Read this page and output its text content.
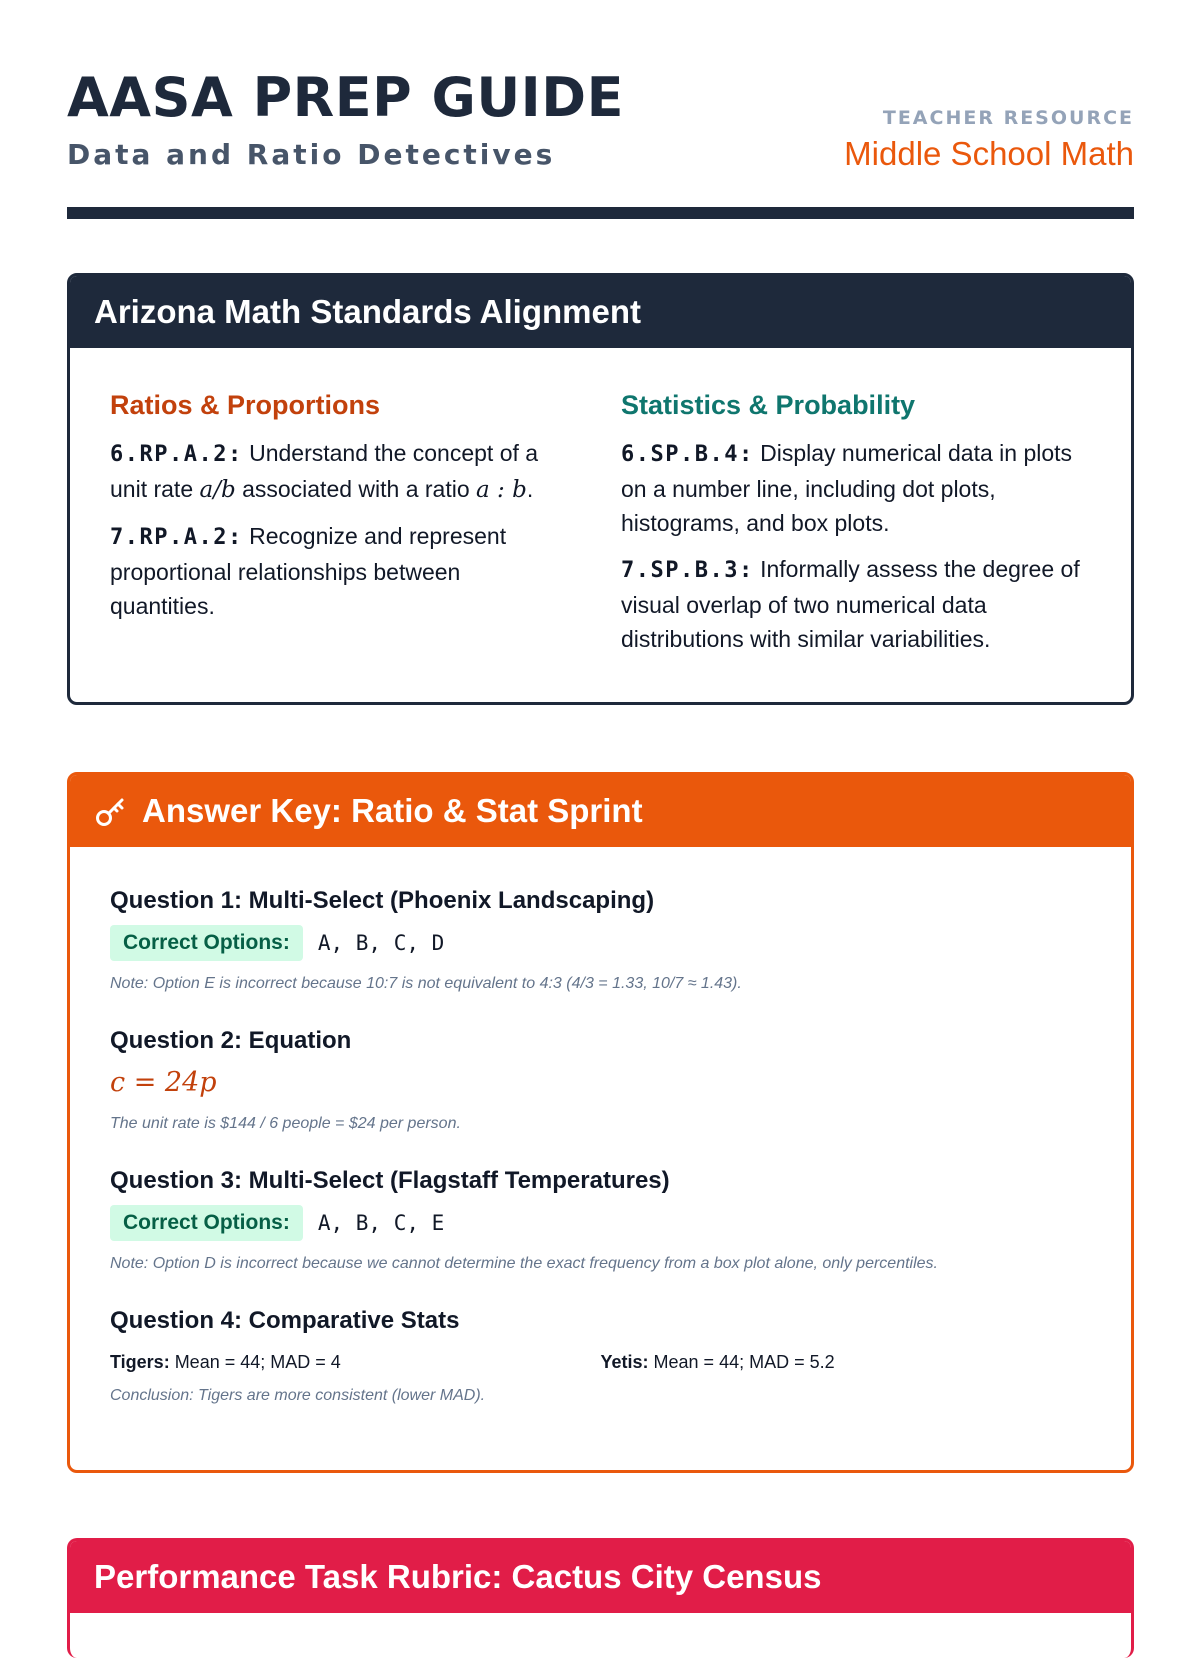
AASA PREP GUIDE
Data and Ratio Detectives
TEACHER RESOURCE
Middle School Math
Arizona Math Standards Alignment
Ratios & Proportions

6.RP.A.2: Understand the concept of a unit rate a/b associated with a ratio a : b.

7.RP.A.2: Recognize and represent proportional relationships between quantities.

Statistics & Probability

6.SP.B.4: Display numerical data in plots on a number line, including dot plots, histograms, and box plots.

7.SP.B.3: Informally assess the degree of visual overlap of two numerical data distributions with similar variabilities.

Answer Key: Ratio & Stat Sprint
Question 1: Multi-Select (Phoenix Landscaping)
Correct Options:	A, B, C, D
Note: Option E is incorrect because 10:7 is not equivalent to 4:3 (4/3 = 1.33, 10/7 ≈ 1.43).
Question 2: Equation
c = 24p
The unit rate is $144 / 6 people = $24 per person.
Question 3: Multi-Select (Flagstaff Temperatures)
Correct Options:	A, B, C, E
Note: Option D is incorrect because we cannot determine the exact frequency from a box plot alone, only percentiles.
Question 4: Comparative Stats
Tigers: Mean = 44; MAD = 4	Yetis: Mean = 44; MAD = 5.2
Conclusion: Tigers are more consistent (lower MAD).
Performance Task Rubric: Cactus City Census
